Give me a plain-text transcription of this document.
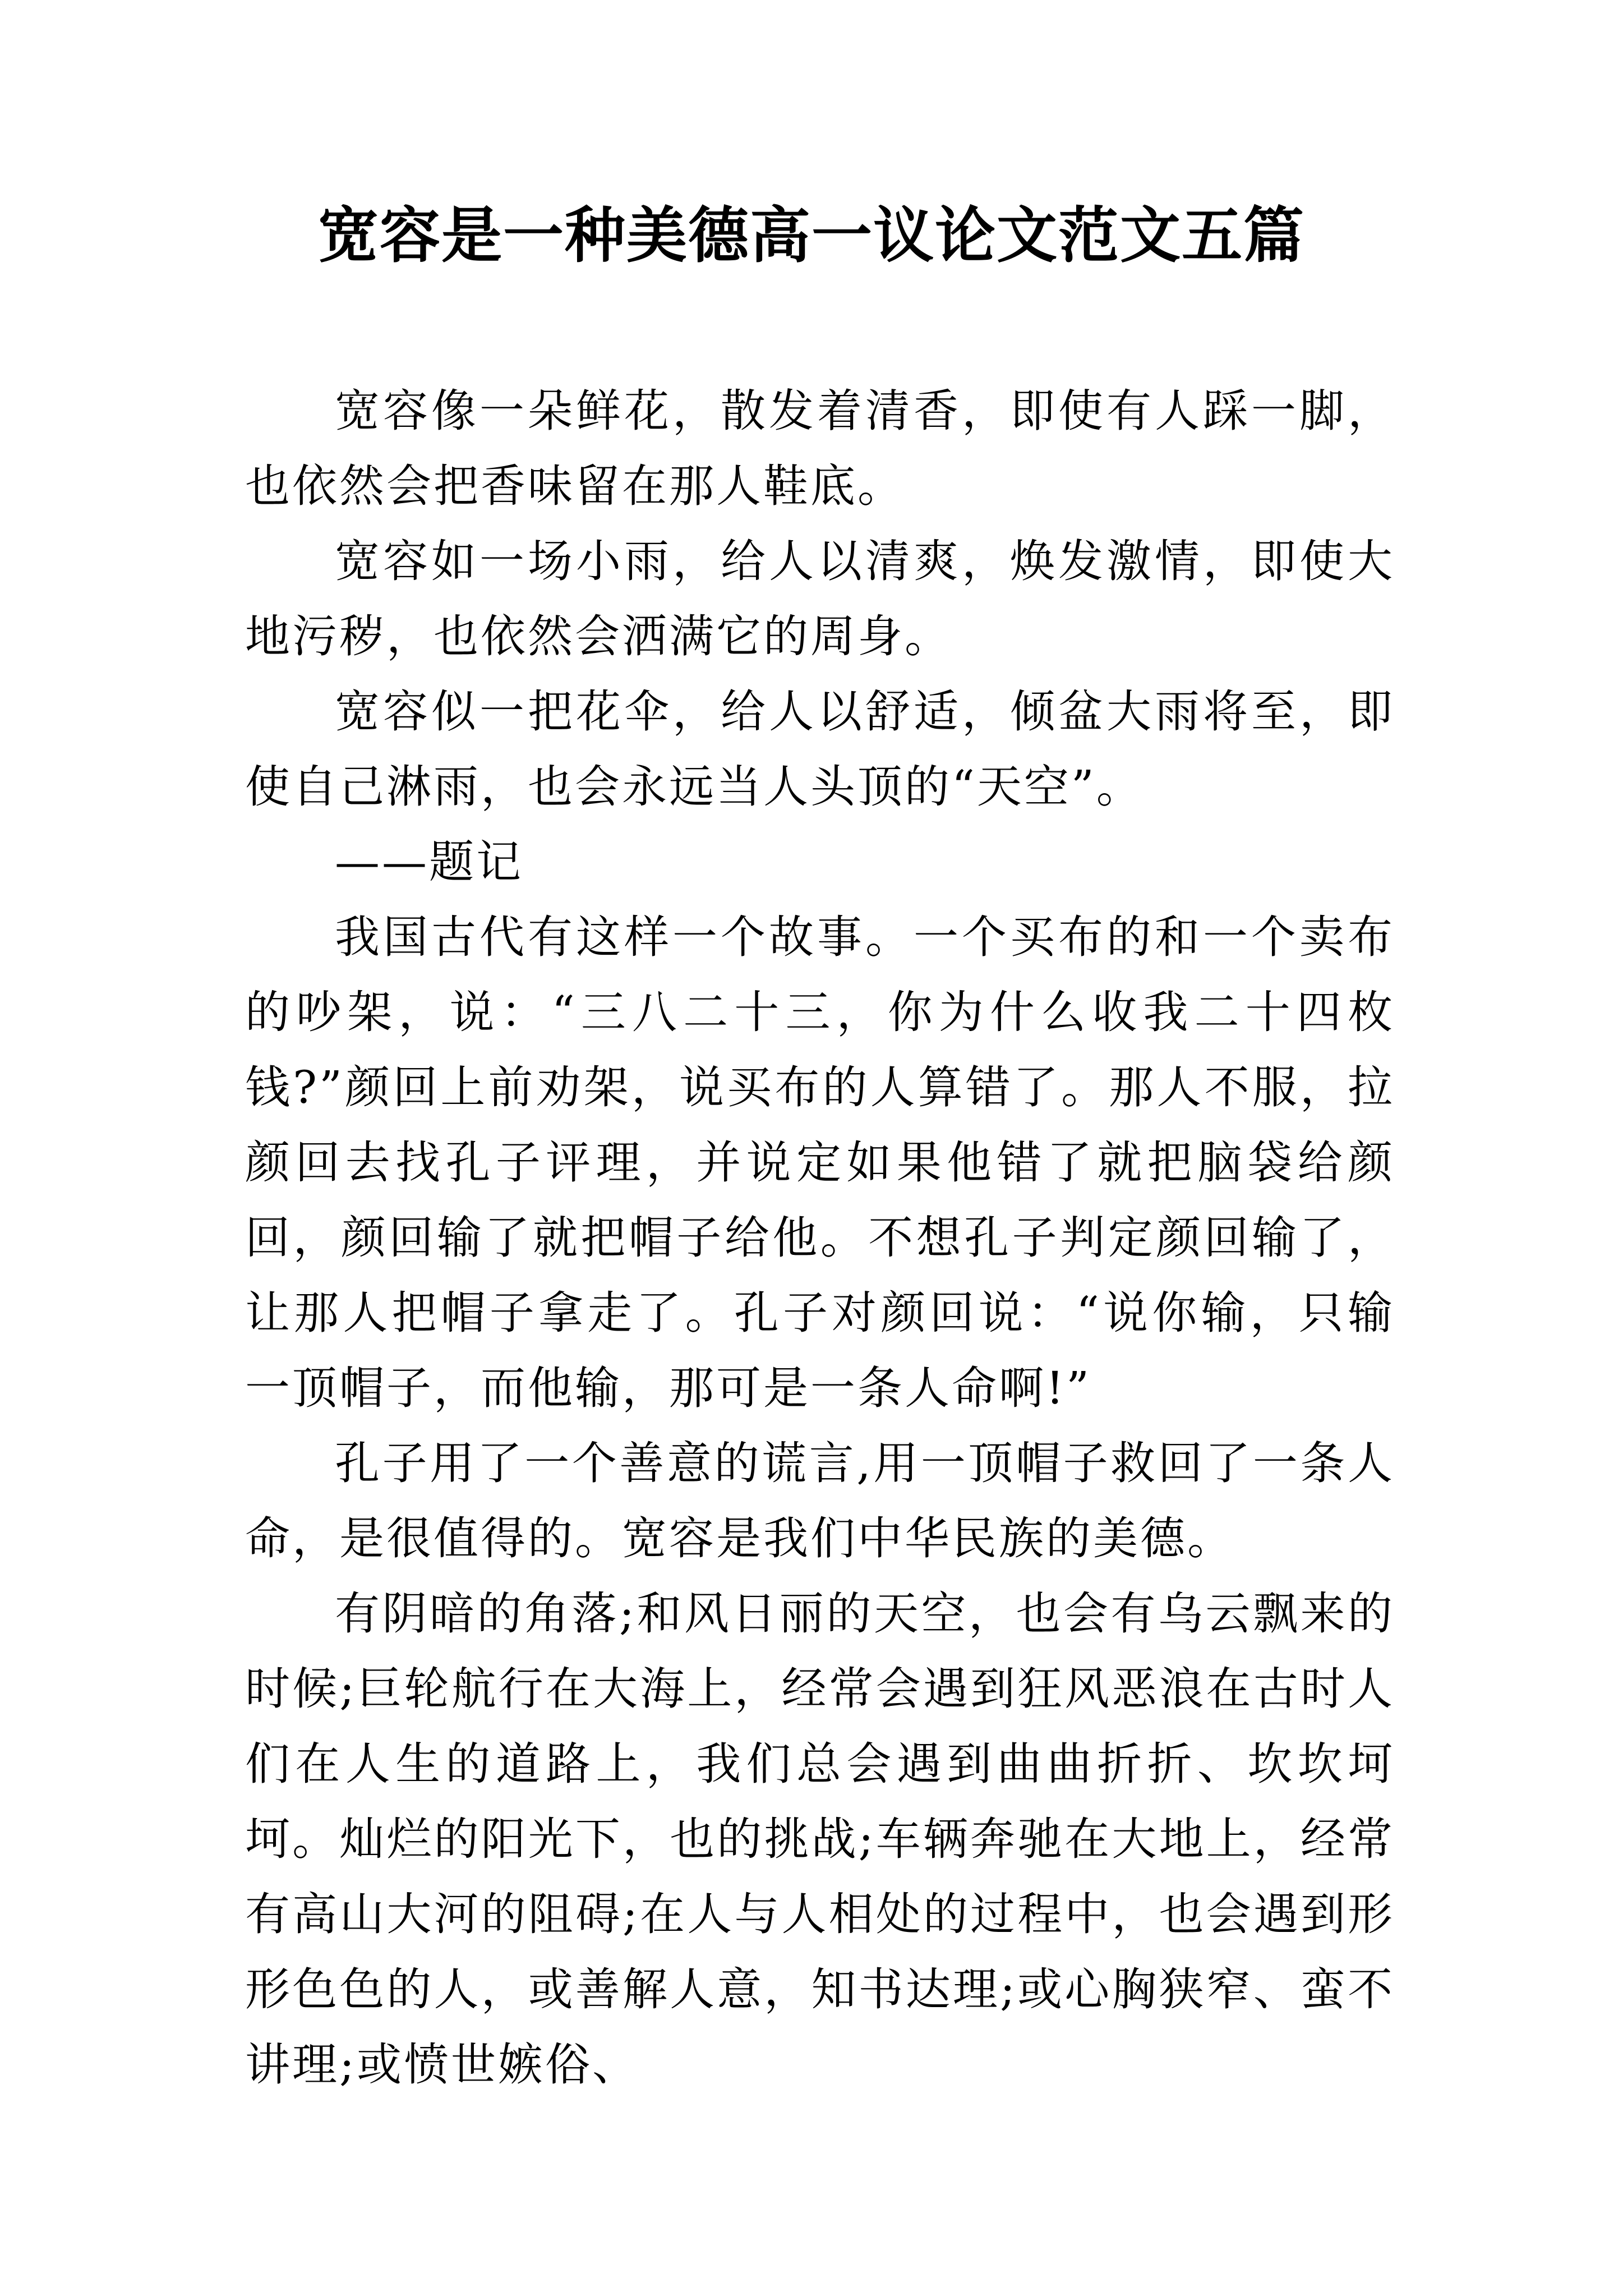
宽容是一种美德高一议论文范文五篇

宽容像一朵鲜花，散发着清香，即使有人踩一脚，也依然会把香味留在那人鞋底。

宽容如一场小雨，给人以清爽，焕发激情，即使大地污秽，也依然会洒满它的周身。

宽容似一把花伞，给人以舒适，倾盆大雨将至，即使自己淋雨，也会永远当人头顶的“天空”。

——题记

我国古代有这样一个故事。一个买布的和一个卖布的吵架，说：“三八二十三，你为什么收我二十四枚钱?”颜回上前劝架，说买布的人算错了。那人不服，拉颜回去找孔子评理，并说定如果他错了就把脑袋给颜回，颜回输了就把帽子给他。不想孔子判定颜回输了，让那人把帽子拿走了。孔子对颜回说：“说你输，只输一顶帽子，而他输，那可是一条人命啊!”

孔子用了一个善意的谎言,用一顶帽子救回了一条人命，是很值得的。宽容是我们中华民族的美德。

有阴暗的角落;和风日丽的天空，也会有乌云飘来的时候;巨轮航行在大海上，经常会遇到狂风恶浪在古时人们在人生的道路上，我们总会遇到曲曲折折、坎坎坷坷。灿烂的阳光下，也的挑战;车辆奔驰在大地上，经常有高山大河的阻碍;在人与人相处的过程中，也会遇到形形色色的人，或善解人意，知书达理;或心胸狭窄、蛮不讲理;或愤世嫉俗、
